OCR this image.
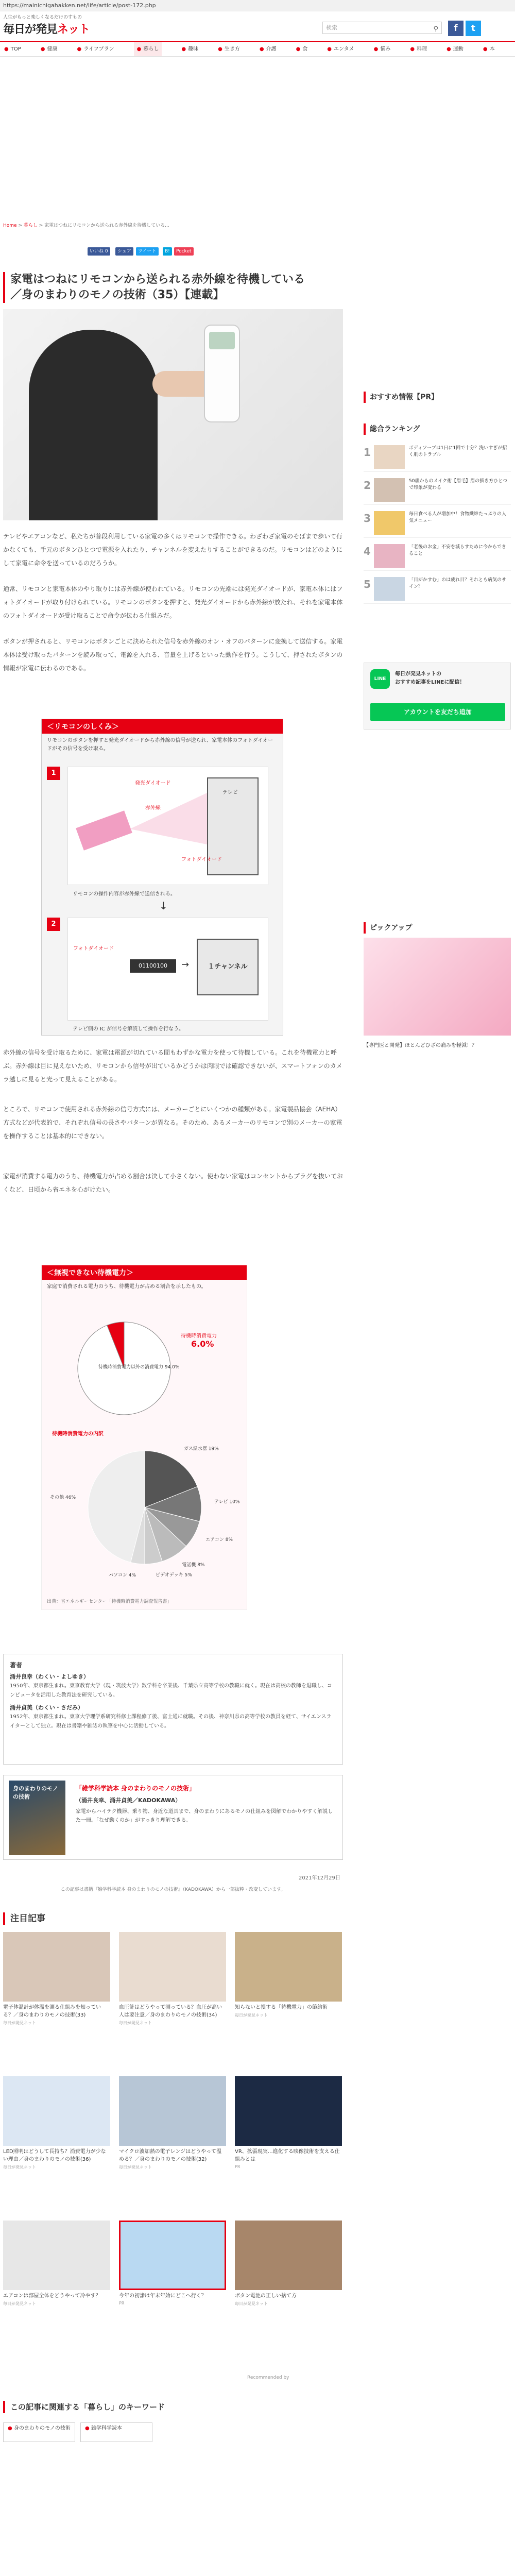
https://mainichigahakken.net/life/article/post-172.php
人生がもっと楽しくなるだけのすもの
毎日が発見ネット	検索	⚲	f	t
● TOP	● 健康	● ライフプラン	● 暮らし	● 趣味	● 生き方	● 介護	● 食	● エンタメ	● 悩み	● 料理	● 運動	● 本
Home > 暮らし > 家電はつねにリモコンから送られる赤外線を待機している...
いいね 0	シェア	ツイート	B!	Pocket
家電はつねにリモコンから送られる赤外線を待機している
／身のまわりのモノの技術（35）【連載】

テレビやエアコンなど、私たちが普段利用している家電の多くはリモコンで操作できる。わざわざ家電のそばまで歩いて行かなくても、手元のボタンひとつで電源を入れたり、チャンネルを変えたりすることができるのだ。リモコンはどのようにして家電に命令を送っているのだろうか。

通常、リモコンと家電本体のやり取りには赤外線が使われている。リモコンの先端には発光ダイオードが、家電本体にはフォトダイオードが取り付けられている。リモコンのボタンを押すと、発光ダイオードから赤外線が放たれ、それを家電本体のフォトダイオードが受け取ることで命令が伝わる仕組みだ。

ボタンが押されると、リモコンはボタンごとに決められた信号を赤外線のオン・オフのパターンに変換して送信する。家電本体は受け取ったパターンを読み取って、電源を入れる、音量を上げるといった動作を行う。こうして、押されたボタンの情報が家電に伝わるのである。

＜リモコンのしくみ＞
リモコンのボタンを押すと発光ダイオードから赤外線の信号が送られ、家電本体のフォトダイオードがその信号を受け取る。
1
発光ダイオード
赤外線
テレビ
フォトダイオード
リモコンの操作内容が赤外線で送信される。
↓
2
フォトダイオード
01100100	→	１チャンネル
テレビ側の IC が信号を解読して操作を行なう。

赤外線の信号を受け取るために、家電は電源が切れている間もわずかな電力を使って待機している。これを待機電力と呼ぶ。赤外線は目に見えないため、リモコンから信号が出ているかどうかは肉眼では確認できないが、スマートフォンのカメラ越しに見ると光って見えることがある。

ところで、リモコンで使用される赤外線の信号方式には、メーカーごとにいくつかの種類がある。家電製品協会（AEHA）方式などが代表的で、それぞれ信号の長さやパターンが異なる。そのため、あるメーカーのリモコンで別のメーカーの家電を操作することは基本的にできない。

家電が消費する電力のうち、待機電力が占める割合は決して小さくない。使わない家電はコンセントからプラグを抜いておくなど、日頃から省エネを心がけたい。

＜無視できない待機電力＞
家庭で消費される電力のうち、待機電力が占める割合を示したもの。
待機時消費電力以外の消費電力 94.0%
待機時消費電力
6.0%
待機時消費電力の内訳
ガス温水器 19%
テレビ 10%
エアコン 8%
電話機 8%
ビデオデッキ 5%
パソコン 4%
その他 46%
出典：省エネルギーセンター「待機時消費電力調査報告書」
著者
涌井良幸（わくい・よしゆき）
1950年、東京都生まれ。東京教育大学（現・筑波大学）数学科を卒業後、千葉県立高等学校の教職に就く。現在は高校の教師を退職し、コンピュータを活用した教育法を研究している。
涌井貞美（わくい・さだみ）
1952年、東京都生まれ。東京大学理学系研究科修士課程修了後、富士通に就職。その後、神奈川県の高等学校の教員を経て、サイエンスライターとして独立。現在は書籍や雑誌の執筆を中心に活動している。
身のまわりのモノの技術
「雑学科学読本 身のまわりのモノの技術」
（涌井良幸、涌井貞美／KADOKAWA）
家電からハイテク機器、乗り物、身近な道具まで、身のまわりにあるモノの仕組みを図解でわかりやすく解説した一冊。「なぜ動くのか」がすっきり理解できる。
2021年12月29日
この記事は書籍『雑学科学読本 身のまわりのモノの技術』（KADOKAWA）から一部抜粋・改変しています。
注目記事
電子体温計が体温を測る仕組みを知っている？／身のまわりのモノの技術(33)
毎日が発見ネット
血圧計はどうやって測っている？血圧が高い人は要注意／身のまわりのモノの技術(34)
毎日が発見ネット
知らないと損する「待機電力」の節約術
毎日が発見ネット
LED照明はどうして長持ち？消費電力が少ない理由／身のまわりのモノの技術(36)
毎日が発見ネット
マイクロ波加熱の電子レンジはどうやって温める？／身のまわりのモノの技術(32)
毎日が発見ネット
VR、拡張現実…進化する映像技術を支える仕組みとは
PR
エアコンは部屋全体をどうやって冷やす？
毎日が発見ネット
今年の初詣は年末年始にどこへ行く？
PR
ボタン電池の正しい捨て方
毎日が発見ネット
Recommended by
この記事に関連する「暮らし」のキーワード
● 身のまわりのモノの技術	● 雑学科学読本
おすすめ情報【PR】
総合ランキング
1	ボディソープは1日に1回で十分？洗いすぎが招く肌のトラブル
2	50歳からのメイク術【眉毛】眉の描き方ひとつで印象が変わる
3	毎日食べる人が増加中！食物繊維たっぷりの人気メニュー
4	「老後のお金」不安を減らすために今からできること
5	「目がかすむ」のは疲れ目？それとも病気のサイン？
LINE
毎日が発見ネットの
おすすめ記事をLINEに配信！
アカウントを友だち追加
ピックアップ
【専門医と開発】ほとんどひざの痛みを軽減！？
